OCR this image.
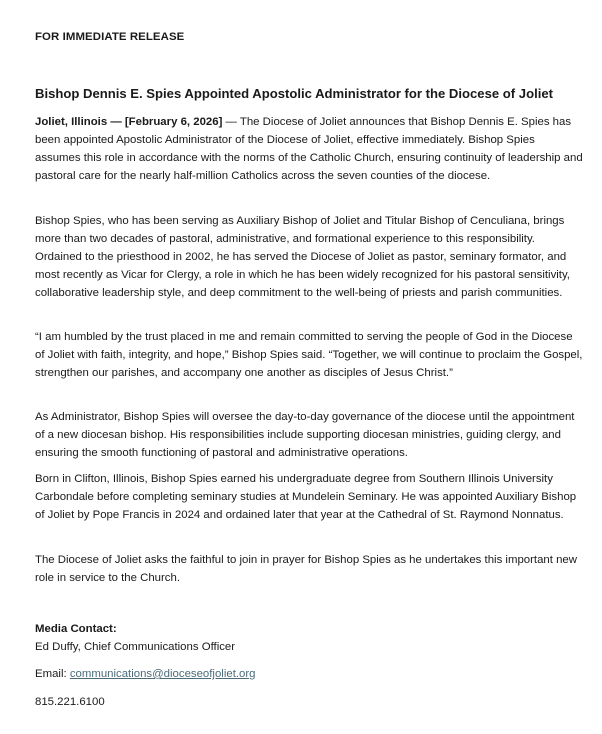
FOR IMMEDIATE RELEASE
Bishop Dennis E. Spies Appointed Apostolic Administrator for the Diocese of Joliet

Joliet, Illinois — [February 6, 2026] — The Diocese of Joliet announces that Bishop Dennis E. Spies has been appointed Apostolic Administrator of the Diocese of Joliet, effective immediately. Bishop Spies assumes this role in accordance with the norms of the Catholic Church, ensuring continuity of leadership and pastoral care for the nearly half-million Catholics across the seven counties of the diocese.

Bishop Spies, who has been serving as Auxiliary Bishop of Joliet and Titular Bishop of Cenculiana, brings more than two decades of pastoral, administrative, and formational experience to this responsibility. Ordained to the priesthood in 2002, he has served the Diocese of Joliet as pastor, seminary formator, and most recently as Vicar for Clergy, a role in which he has been widely recognized for his pastoral sensitivity, collaborative leadership style, and deep commitment to the well-being of priests and parish communities.

“I am humbled by the trust placed in me and remain committed to serving the people of God in the Diocese of Joliet with faith, integrity, and hope,” Bishop Spies said. “Together, we will continue to proclaim the Gospel, strengthen our parishes, and accompany one another as disciples of Jesus Christ.”

As Administrator, Bishop Spies will oversee the day-to-day governance of the diocese until the appointment of a new diocesan bishop. His responsibilities include supporting diocesan ministries, guiding clergy, and ensuring the smooth functioning of pastoral and administrative operations.

Born in Clifton, Illinois, Bishop Spies earned his undergraduate degree from Southern Illinois University Carbondale before completing seminary studies at Mundelein Seminary. He was appointed Auxiliary Bishop of Joliet by Pope Francis in 2024 and ordained later that year at the Cathedral of St. Raymond Nonnatus.

The Diocese of Joliet asks the faithful to join in prayer for Bishop Spies as he undertakes this important new role in service to the Church.

Media Contact:
Ed Duffy, Chief Communications Officer
Email: communications@dioceseofjoliet.org
815.221.6100
